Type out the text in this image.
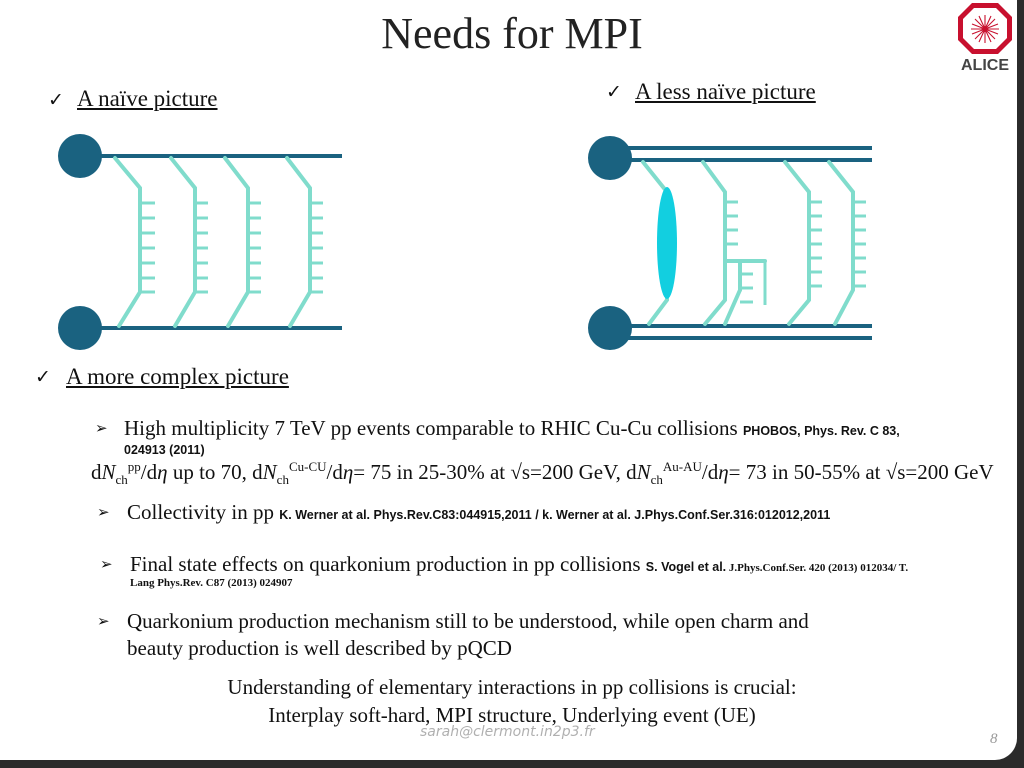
Needs for MPI
ALICE
✓ A naïve picture	✓ A less naïve picture
✓ A more complex picture
➢ High multiplicity 7 TeV pp events comparable to RHIC Cu-Cu collisions PHOBOS, Phys. Rev. C 83,
024913 (2011)
$dN_{ch}^{pp}/d\eta$ up to 70, $dN_{ch}^{Cu-CU}/d\eta= 75$ in 25-30% at √s=200 GeV, $dN_{ch}^{Au-AU}/d\eta= 73$ in 50-55% at √s=200 GeV
➢ Collectivity in pp K. Werner at al. Phys.Rev.C83:044915,2011 / k. Werner at al. J.Phys.Conf.Ser.316:012012,2011
➢ Final state effects on quarkonium production in pp collisions S. Vogel et al. J.Phys.Conf.Ser. 420 (2013) 012034/ T.
Lang Phys.Rev. C87 (2013) 024907
➢ Quarkonium production mechanism still to be understood, while open charm and
beauty production is well described by pQCD
Understanding of elementary interactions in pp collisions is crucial:
Interplay soft-hard, MPI structure, Underlying event (UE)
sarah@clermont.in2p3.fr	8
